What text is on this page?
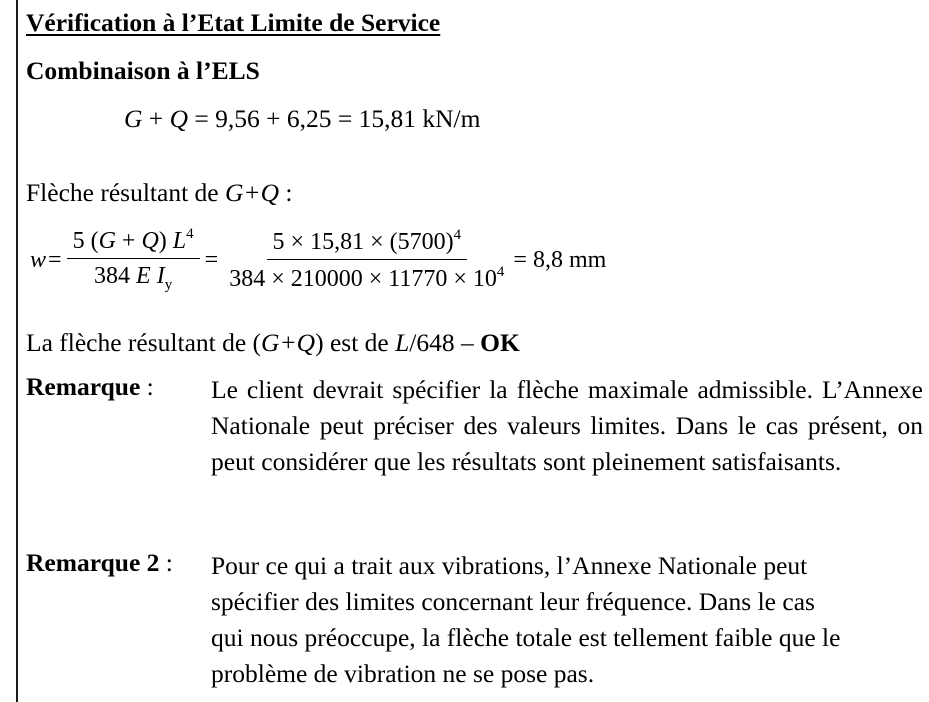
Vérification à l’Etat Limite de Service
Combinaison à l’ELS
G + Q = 9,56 + 6,25 = 15,81 kN/m
Flèche résultant de G+Q :
$w = \frac{5 (G + Q) L^4}{384 E I_y} = \frac{5 \times 15,81 \times (5700)^4}{384 \times 210000 \times 11770 \times 10^4} = 8,8$ mm
La flèche résultant de (G+Q) est de L/648 – OK
Remarque : Le client devrait spécifier la flèche maximale admissible. L’Annexe Nationale peut préciser des valeurs limites. Dans le cas présent, on peut considérer que les résultats sont pleinement satisfaisants.

Remarque 2 : Pour ce qui a trait aux vibrations, l’Annexe Nationale peut
spécifier des limites concernant leur fréquence. Dans le cas
qui nous préoccupe, la flèche totale est tellement faible que le
problème de vibration ne se pose pas.
